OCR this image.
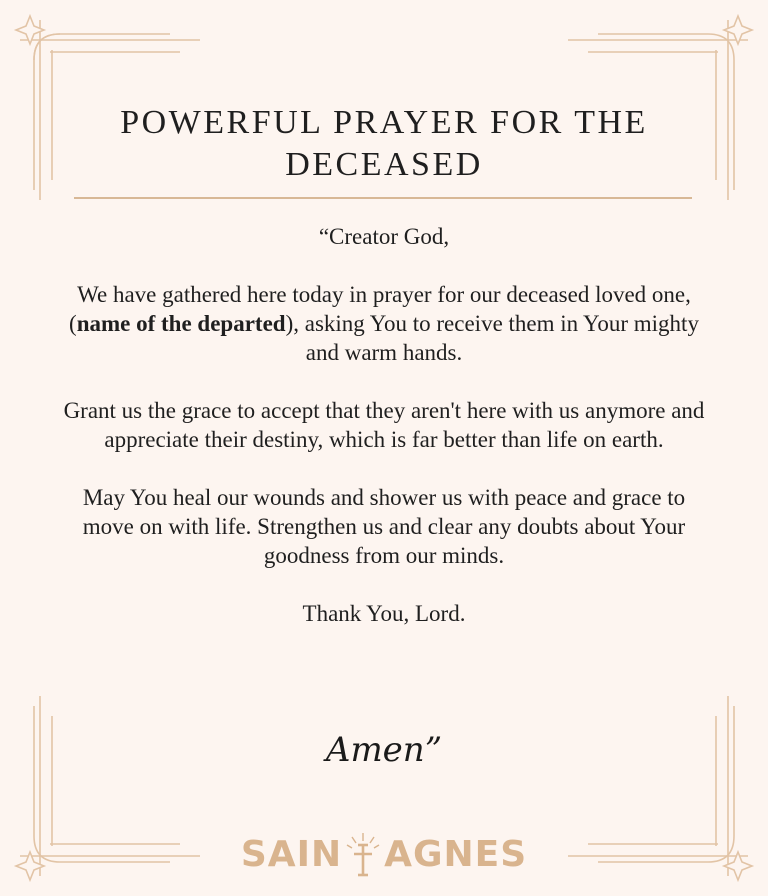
POWERFUL PRAYER FOR THE DECEASED

“Creator God,

We have gathered here today in prayer for our deceased loved one, (name of the departed), asking You to receive them in Your mighty and warm hands.

Grant us the grace to accept that they aren't here with us anymore and appreciate their destiny, which is far better than life on earth.

May You heal our wounds and shower us with peace and grace to move on with life. Strengthen us and clear any doubts about Your goodness from our minds.

Thank You, Lord.

Amen”
SAIN AGNES
